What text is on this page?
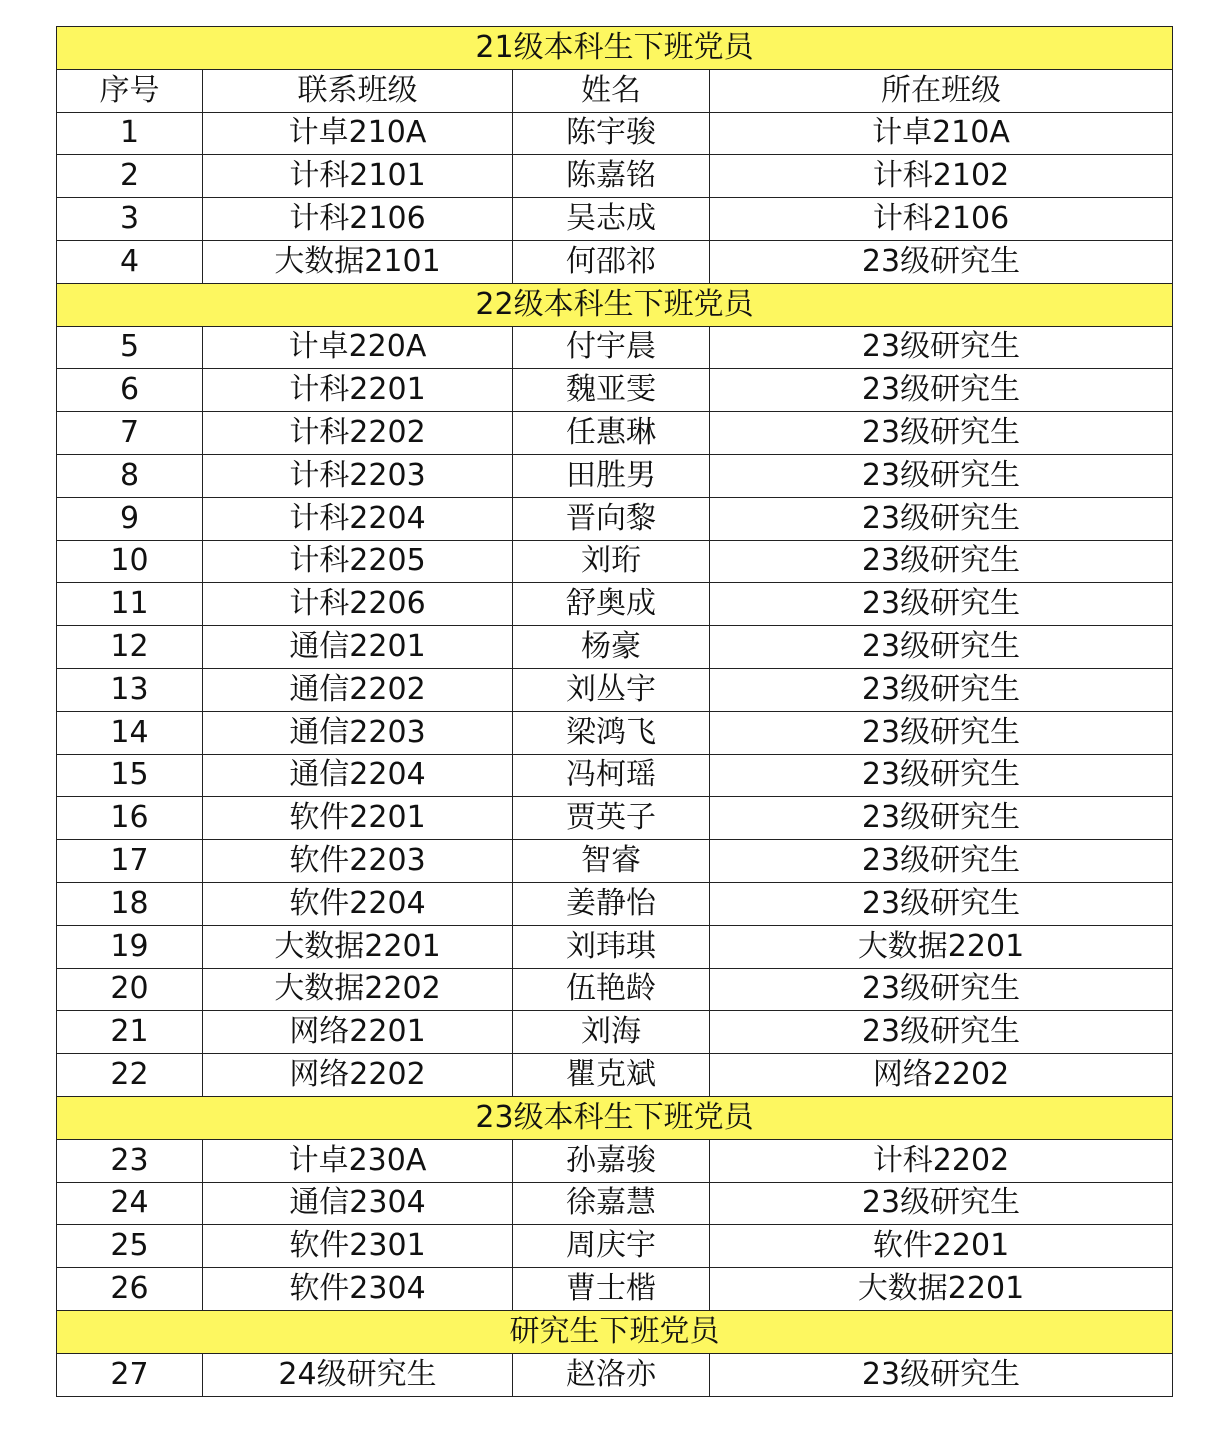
21级本科生下班党员			
序号	联系班级	姓名	所在班级
1	计卓210A	陈宇骏	计卓210A
2	计科2101	陈嘉铭	计科2102
3	计科2106	吴志成	计科2106
4	大数据2101	何邵祁	23级研究生
22级本科生下班党员			
5	计卓220A	付宇晨	23级研究生
6	计科2201	魏亚雯	23级研究生
7	计科2202	任惠琳	23级研究生
8	计科2203	田胜男	23级研究生
9	计科2204	晋向黎	23级研究生
10	计科2205	刘珩	23级研究生
11	计科2206	舒奥成	23级研究生
12	通信2201	杨豪	23级研究生
13	通信2202	刘丛宇	23级研究生
14	通信2203	梁鸿飞	23级研究生
15	通信2204	冯柯瑶	23级研究生
16	软件2201	贾英子	23级研究生
17	软件2203	智睿	23级研究生
18	软件2204	姜静怡	23级研究生
19	大数据2201	刘玮琪	大数据2201
20	大数据2202	伍艳龄	23级研究生
21	网络2201	刘海	23级研究生
22	网络2202	瞿克斌	网络2202
23级本科生下班党员			
23	计卓230A	孙嘉骏	计科2202
24	通信2304	徐嘉慧	23级研究生
25	软件2301	周庆宇	软件2201
26	软件2304	曹士楷	大数据2201
研究生下班党员			
27	24级研究生	赵洛亦	23级研究生
